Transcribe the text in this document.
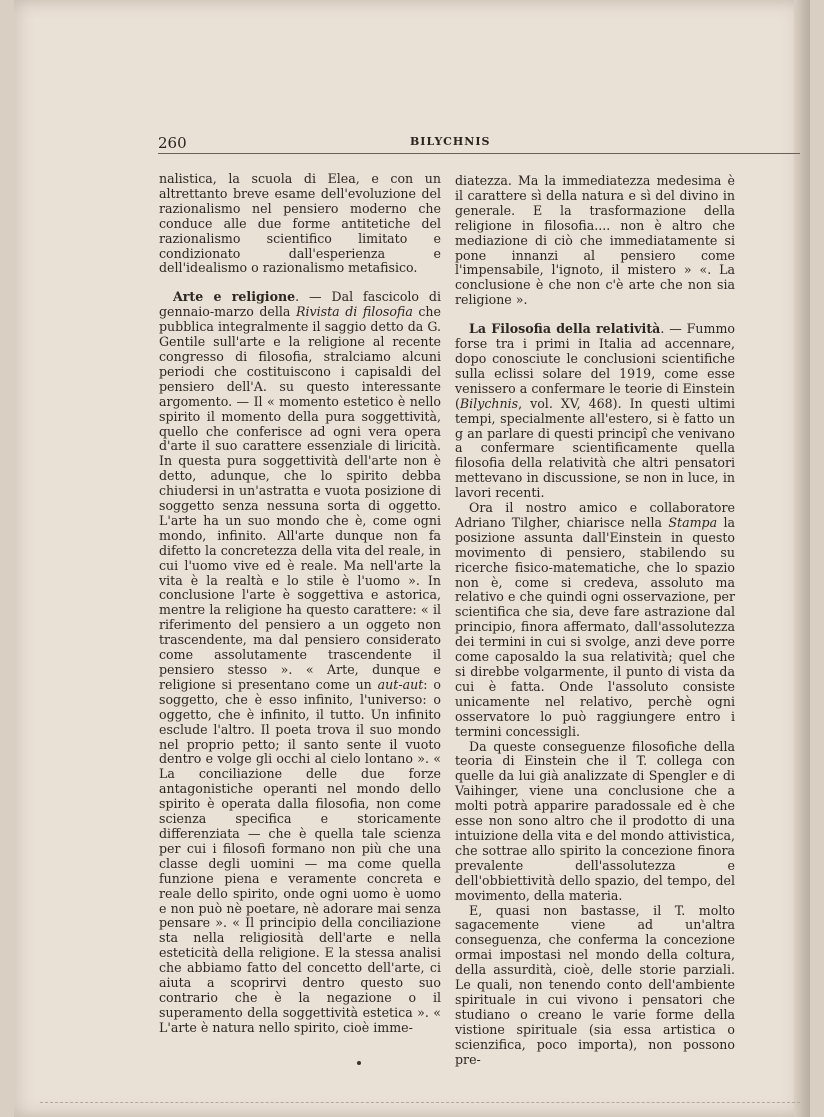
260	BILYCHNIS

nalistica, la scuola di Elea, e con un altrettanto breve esame dell'evoluzione del razionalismo nel pensiero moderno che conduce alle due forme antitetiche del razionalismo scientifico limitato e condizionato dall'esperienza e dell'idealismo o razionalismo metafisico.

Arte e religione. — Dal fascicolo di gennaio-marzo della Rivista di filosofia che pubblica integralmente il saggio detto da G. Gentile sull'arte e la religione al recente congresso di filosofia, stralciamo alcuni periodi che costituiscono i capisaldi del pensiero dell'A. su questo interessante argomento. — Il « momento estetico è nello spirito il momento della pura soggettività, quello che conferisce ad ogni vera opera d'arte il suo carattere essenziale di liricità. In questa pura soggettività dell'arte non è detto, adunque, che lo spirito debba chiudersi in un'astratta e vuota posizione di soggetto senza nessuna sorta di oggetto. L'arte ha un suo mondo che è, come ogni mondo, infinito. All'arte dunque non fa difetto la concretezza della vita del reale, in cui l'uomo vive ed è reale. Ma nell'arte la vita è la realtà e lo stile è l'uomo ». In conclusione l'arte è soggettiva e astorica, mentre la religione ha questo carattere: « il riferimento del pensiero a un oggeto non trascendente, ma dal pensiero considerato come assolutamente trascendente il pensiero stesso ». « Arte, dunque e religione si presentano come un aut-aut: o soggetto, che è esso infinito, l'universo: o oggetto, che è infinito, il tutto. Un infinito esclude l'altro. Il poeta trova il suo mondo nel proprio petto; il santo sente il vuoto dentro e volge gli occhi al cielo lontano ». « La conciliazione delle due forze antagonistiche operanti nel mondo dello spirito è operata dalla filosofia, non come scienza specifica e storicamente differenziata — che è quella tale scienza per cui i filosofi formano non più che una classe degli uomini — ma come quella funzione piena e veramente concreta e reale dello spirito, onde ogni uomo è uomo e non può nè poetare, nè adorare mai senza pensare ». « Il principio della conciliazione sta nella religiosità dell'arte e nella esteticità della religione. E la stessa analisi che abbiamo fatto del concetto dell'arte, ci aiuta a scoprirvi dentro questo suo contrario che è la negazione o il superamento della soggettività estetica ». « L'arte è natura nello spirito, cioè imme-

diatezza. Ma la immediatezza medesima è il carattere sì della natura e sì del divino in generale. E la trasformazione della religione in filosofia.... non è altro che mediazione di ciò che immediatamente si pone innanzi al pensiero come l'impensabile, l'ignoto, il mistero » «. La conclusione è che non c'è arte che non sia religione ».

La Filosofia della relatività. — Fummo forse tra i primi in Italia ad accennare, dopo conosciute le conclusioni scientifiche sulla eclissi solare del 1919, come esse venissero a confermare le teorie di Einstein (Bilychnis, vol. XV, 468). In questi ultimi tempi, specialmente all'estero, si è fatto un g an parlare di questi principî che venivano a confermare scientificamente quella filosofia della relatività che altri pensatori mettevano in discussione, se non in luce, in lavori recenti.

Ora il nostro amico e collaboratore Adriano Tilgher, chiarisce nella Stampa la posizione assunta dall'Einstein in questo movimento di pensiero, stabilendo su ricerche fisico-matematiche, che lo spazio non è, come si credeva, assoluto ma relativo e che quindi ogni osservazione, per scientifica che sia, deve fare astrazione dal principio, finora affermato, dall'assolutezza dei termini in cui si svolge, anzi deve porre come caposaldo la sua relatività; quel che si direbbe volgarmente, il punto di vista da cui è fatta. Onde l'assoluto consiste unicamente nel relativo, perchè ogni osservatore lo può raggiungere entro i termini concessigli.

Da queste conseguenze filosofiche della teoria di Einstein che il T. collega con quelle da lui già analizzate di Spengler e di Vaihinger, viene una conclusione che a molti potrà apparire paradossale ed è che esse non sono altro che il prodotto di una intuizione della vita e del mondo attivistica, che sottrae allo spirito la concezione finora prevalente dell'assolutezza e dell'obbiettività dello spazio, del tempo, del movimento, della materia.

E, quasi non bastasse, il T. molto sagacemente viene ad un'altra conseguenza, che conferma la concezione ormai impostasi nel mondo della coltura, della assurdità, cioè, delle storie parziali. Le quali, non tenendo conto dell'ambiente spirituale in cui vivono i pensatori che studiano o creano le varie forme della vistione spirituale (sia essa artistica o scienzifica, poco importa), non possono pre-
